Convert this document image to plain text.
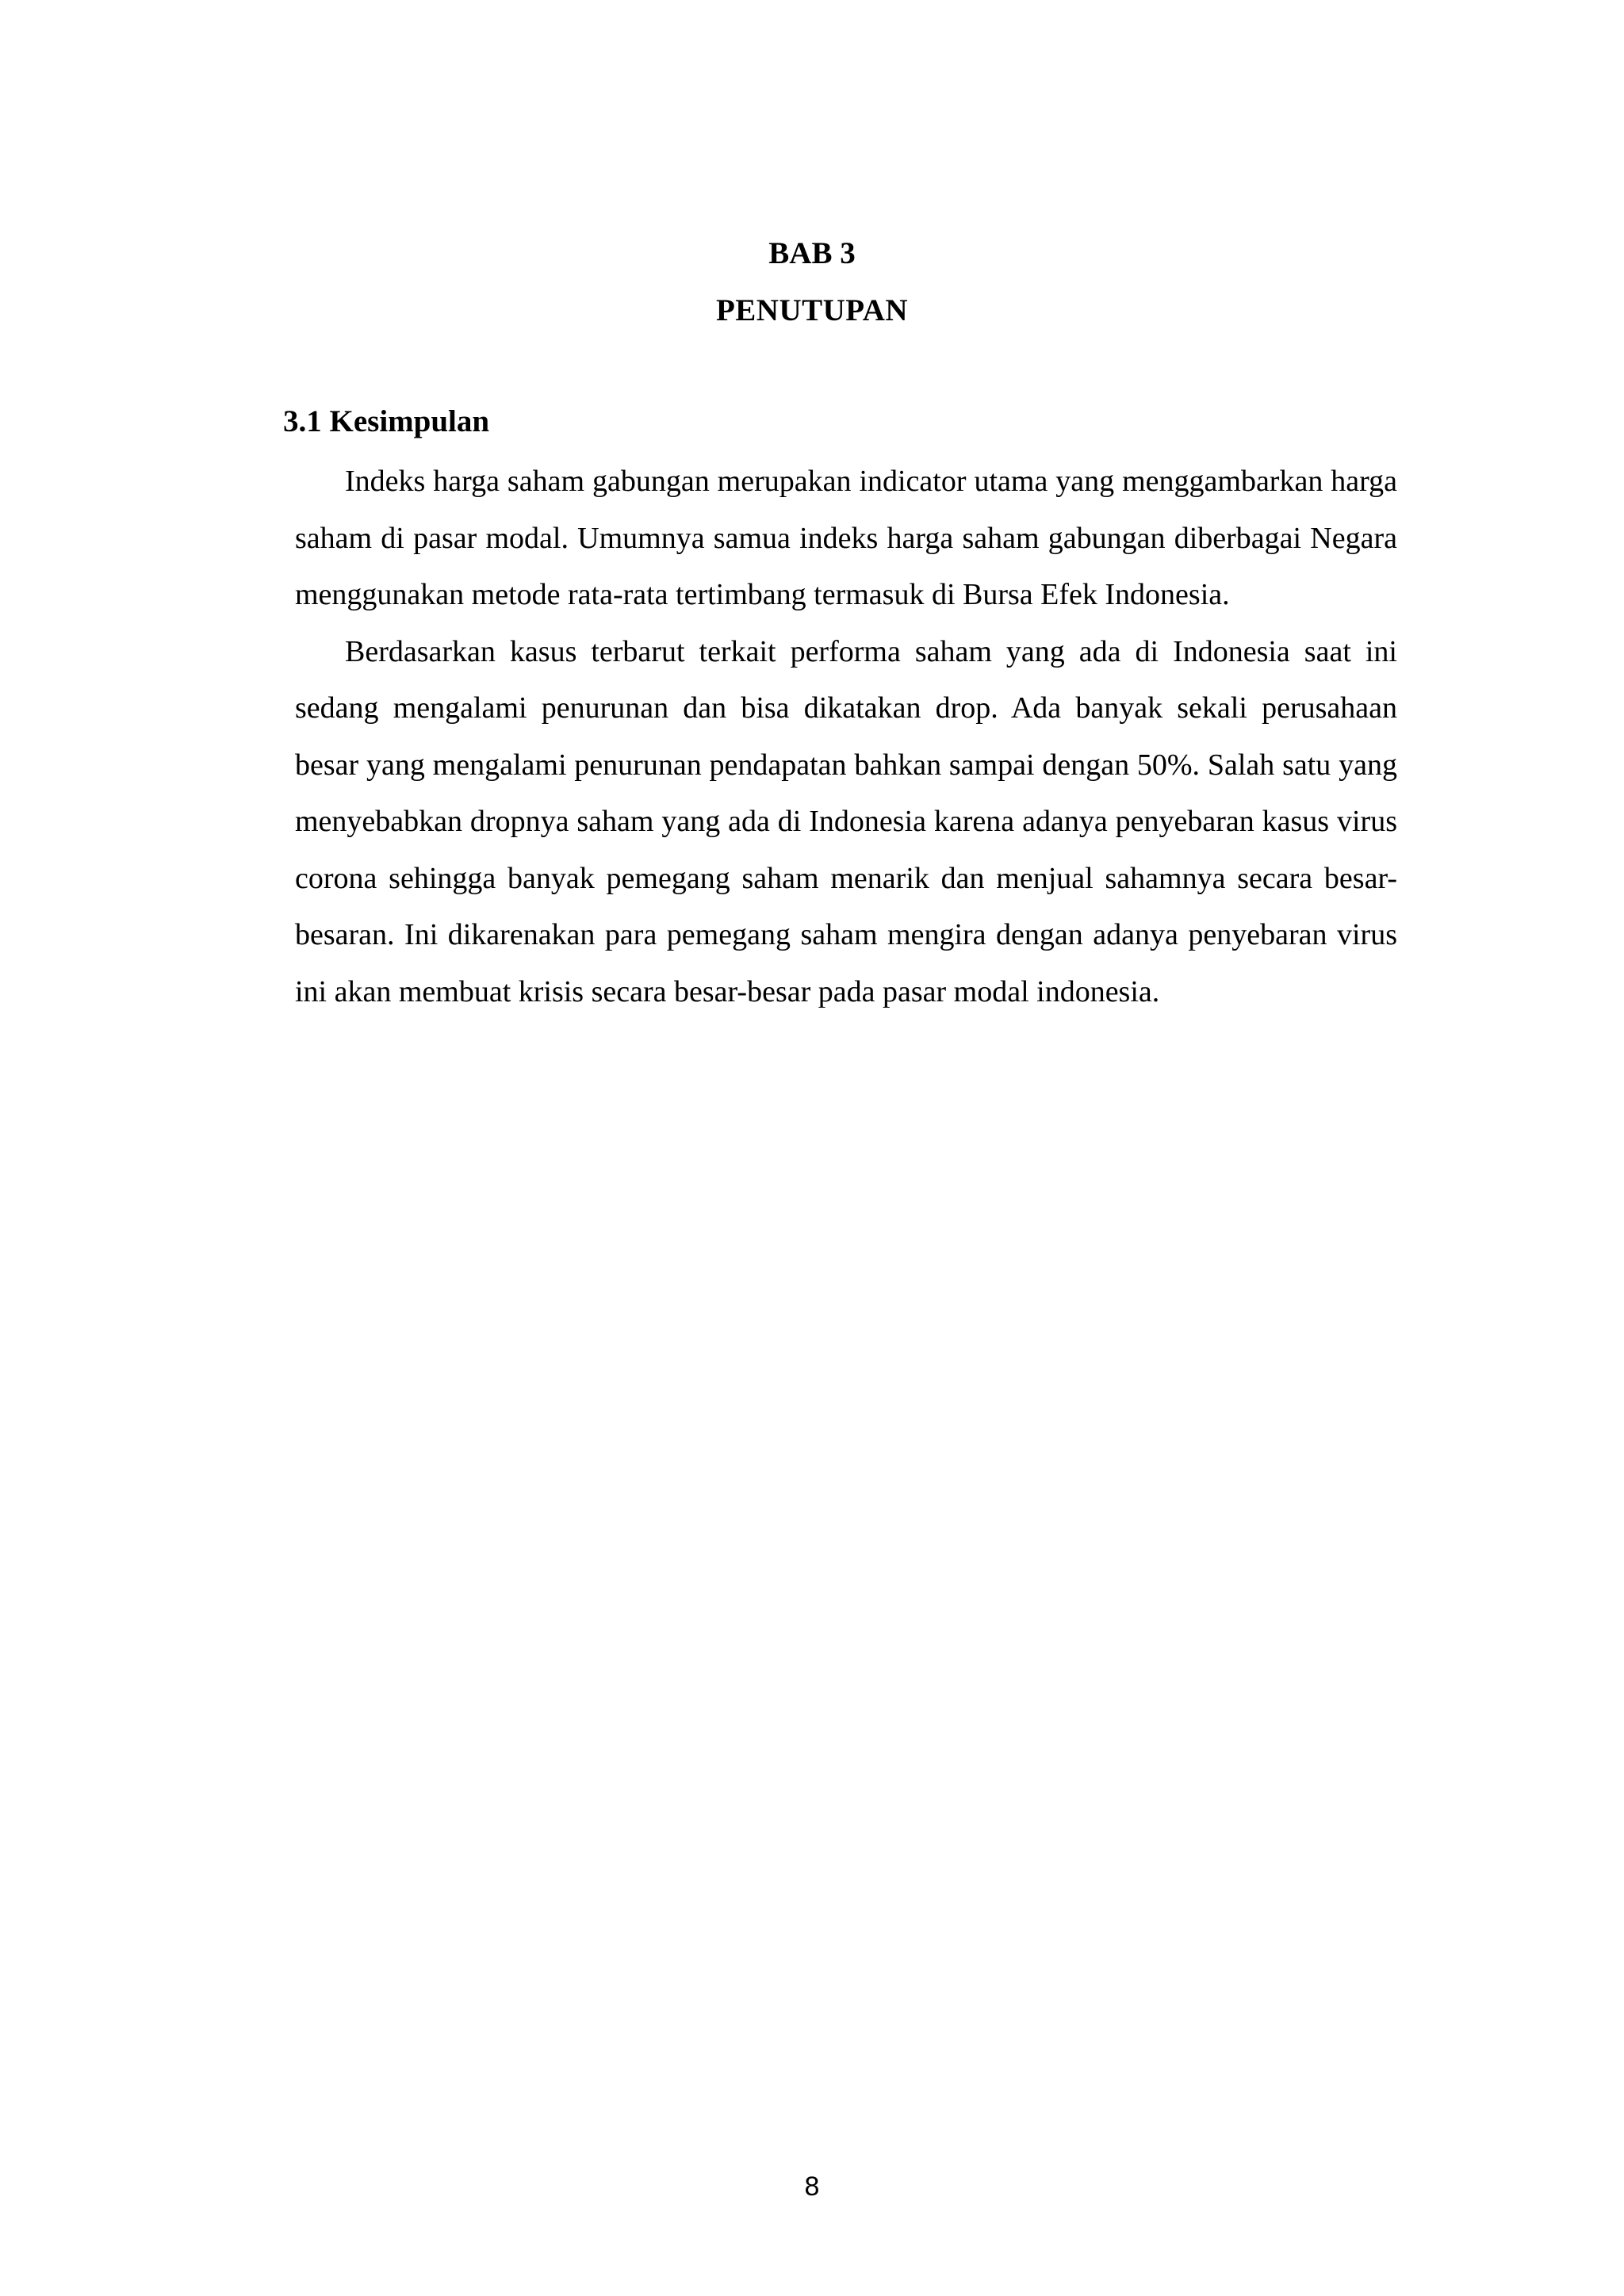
BAB 3
PENUTUPAN
3.1 Kesimpulan

Indeks harga saham gabungan merupakan indicator utama yang menggambarkan harga saham di pasar modal. Umumnya samua indeks harga saham gabungan diberbagai Negara menggunakan metode rata-rata tertimbang termasuk di Bursa Efek Indonesia.

Berdasarkan kasus terbarut terkait performa saham yang ada di Indonesia saat ini sedang mengalami penurunan dan bisa dikatakan drop. Ada banyak sekali perusahaan besar yang mengalami penurunan pendapatan bahkan sampai dengan 50%. Salah satu yang menyebabkan dropnya saham yang ada di Indonesia karena adanya penyebaran kasus virus corona sehingga banyak pemegang saham menarik dan menjual sahamnya secara besar-besaran. Ini dikarenakan para pemegang saham mengira dengan adanya penyebaran virus ini akan membuat krisis secara besar-besar pada pasar modal indonesia.

8
